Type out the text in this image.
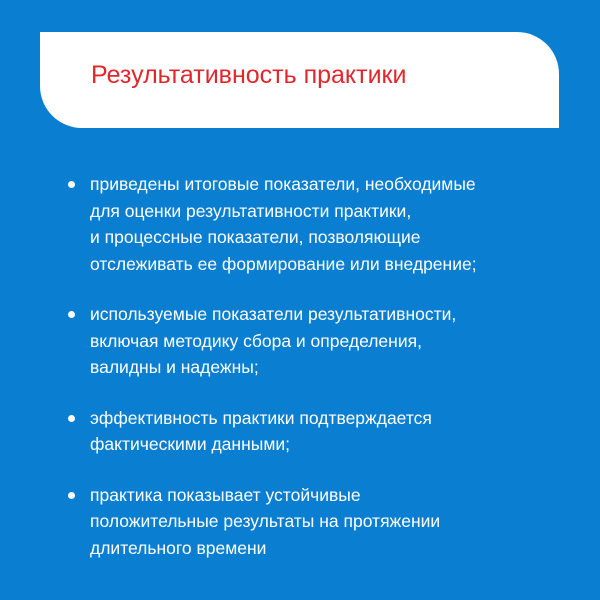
Результативность практики
приведены итоговые показатели, необходимые
для оценки результативности практики,
и процессные показатели, позволяющие
отслеживать ее формирование или внедрение;
используемые показатели результативности,
включая методику сбора и определения,
валидны и надежны;
эффективность практики подтверждается
фактическими данными;
практика показывает устойчивые
положительные результаты на протяжении
длительного времени
